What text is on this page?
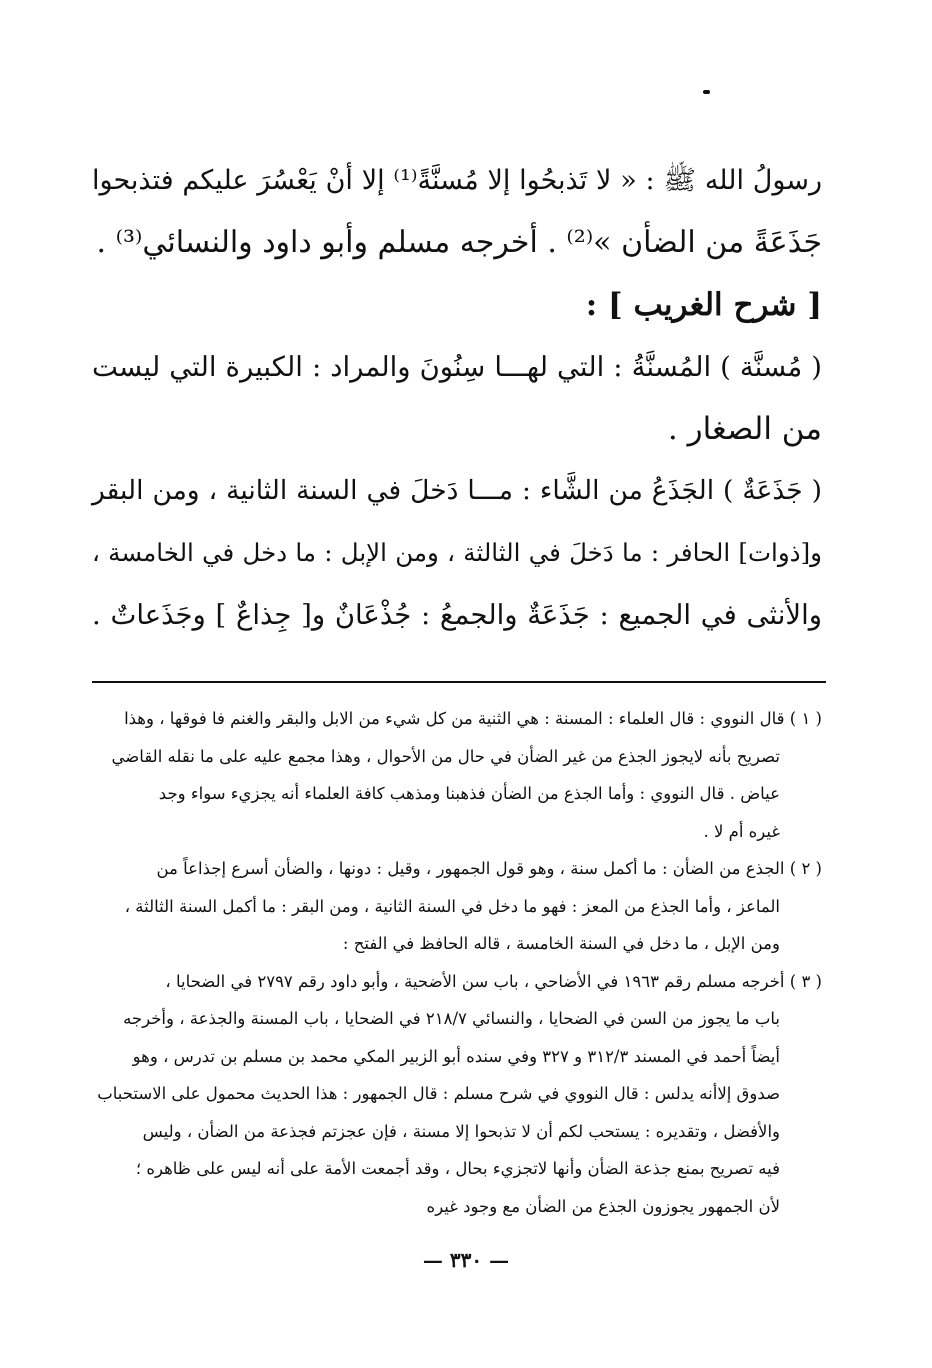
رسولُ الله ﷺ : « لا تَذبحُوا إلا مُسنَّةً⁽¹⁾ إلا أنْ يَعْسُرَ عليكم فتذبحوا
جَذَعَةً من الضأن »⁽²⁾ . أخرجه مسلم وأبو داود والنسائي⁽³⁾ .
[ شرح الغريب ] :
( مُسنَّة ) المُسنَّةُ : التي لهـــا سِنُونَ والمراد : الكبيرة التي ليست
من الصغار .
( جَذَعَةٌ ) الجَذَعُ من الشَّاء : مـــا دَخلَ في السنة الثانية ، ومن البقر
و[ذوات] الحافر : ما دَخلَ في الثالثة ، ومن الإبل : ما دخل في الخامسة ،
والأنثى في الجميع : جَذَعَةٌ والجمعُ : جُذْعَانٌ و[ جِذاعٌ ] وجَذَعاتٌ .
( ١ ) قال النووي : قال العلماء : المسنة : هي الثنية من كل شيء من الابل والبقر والغنم فا فوقها ، وهذا
تصريح بأنه لايجوز الجذع من غير الضأن في حال من الأحوال ، وهذا مجمع عليه على ما نقله القاضي
عياض . قال النووي : وأما الجذع من الضأن فذهبنا ومذهب كافة العلماء أنه يجزيء سواء وجد
غيره أم لا .
( ٢ ) الجذع من الضأن : ما أكمل سنة ، وهو قول الجمهور ، وقيل : دونها ، والضأن أسرع إجذاعاً من
الماعز ، وأما الجذع من المعز : فهو ما دخل في السنة الثانية ، ومن البقر : ما أكمل السنة الثالثة ،
ومن الإبل ، ما دخل في السنة الخامسة ، قاله الحافظ في الفتح :
( ٣ ) أخرجه مسلم رقم ١٩٦٣ في الأضاحي ، باب سن الأضحية ، وأبو داود رقم ٢٧٩٧ في الضحايا ،
باب ما يجوز من السن في الضحايا ، والنسائي ٢١٨/٧ في الضحايا ، باب المسنة والجذعة ، وأخرجه
أيضاً أحمد في المسند ٣١٢/٣ و ٣٢٧ وفي سنده أبو الزبير المكي محمد بن مسلم بن تدرس ، وهو
صدوق إلاأنه يدلس : قال النووي في شرح مسلم : قال الجمهور : هذا الحديث محمول على الاستحباب
والأفضل ، وتقديره : يستحب لكم أن لا تذبحوا إلا مسنة ، فإن عجزتم فجذعة من الضأن ، وليس
فيه تصريح بمنع جذعة الضأن وأنها لاتجزيء بحال ، وقد أجمعت الأمة على أنه ليس على ظاهره ؛
لأن الجمهور يجوزون الجذع من الضأن مع وجود غيره
— ٣٣٠ —
